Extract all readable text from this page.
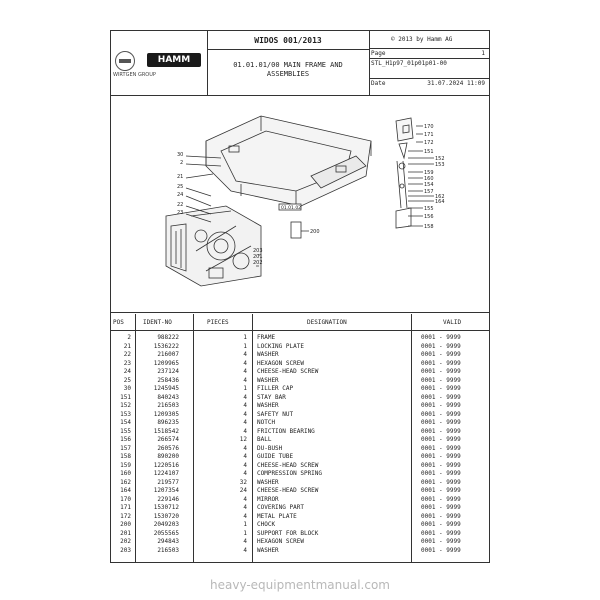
WIRTGEN GROUP
HAMM
WIDOS 001/2013
01.01.01/00 MAIN FRAME AND ASSEMBLIES
© 2013 by Hamm AG
Page	1
STL_H1p97_01p01p01-00
Date	31.07.2024 11:09
30
2
21
25
24
22
23
170
171
172
151
152
153
159
160
154
157
162
164
155
156
158
01.01.02
200
203
201
202
POS	IDENT-NO	PIECES	DESIGNATION	VALID
2	988222	1 FRAME	0001 - 9999
21	1536222	1 LOCKING PLATE	0001 - 9999
22	216007	4 WASHER	0001 - 9999
23	1209965	4 HEXAGON SCREW	0001 - 9999
24	237124	4 CHEESE-HEAD SCREW	0001 - 9999
25	258436	4 WASHER	0001 - 9999
30	1245945	1 FILLER CAP	0001 - 9999
151	840243	4 STAY BAR	0001 - 9999
152	216503	4 WASHER	0001 - 9999
153	1209305	4 SAFETY NUT	0001 - 9999
154	896235	4 NOTCH	0001 - 9999
155	1518542	4 FRICTION BEARING	0001 - 9999
156	266574	12 BALL	0001 - 9999
157	260576	4 DU-BUSH	0001 - 9999
158	890200	4 GUIDE TUBE	0001 - 9999
159	1220516	4 CHEESE-HEAD SCREW	0001 - 9999
160	1224107	4 COMPRESSION SPRING	0001 - 9999
162	219577	32 WASHER	0001 - 9999
164	1207354	24 CHEESE-HEAD SCREW	0001 - 9999
170	229146	4 MIRROR	0001 - 9999
171	1530712	4 COVERING PART	0001 - 9999
172	1530720	4 METAL PLATE	0001 - 9999
200	2049203	1 CHOCK	0001 - 9999
201	2055565	1 SUPPORT FOR BLOCK	0001 - 9999
202	294843	4 HEXAGON SCREW	0001 - 9999
203	216503	4 WASHER	0001 - 9999
heavy-equipmentmanual.com
